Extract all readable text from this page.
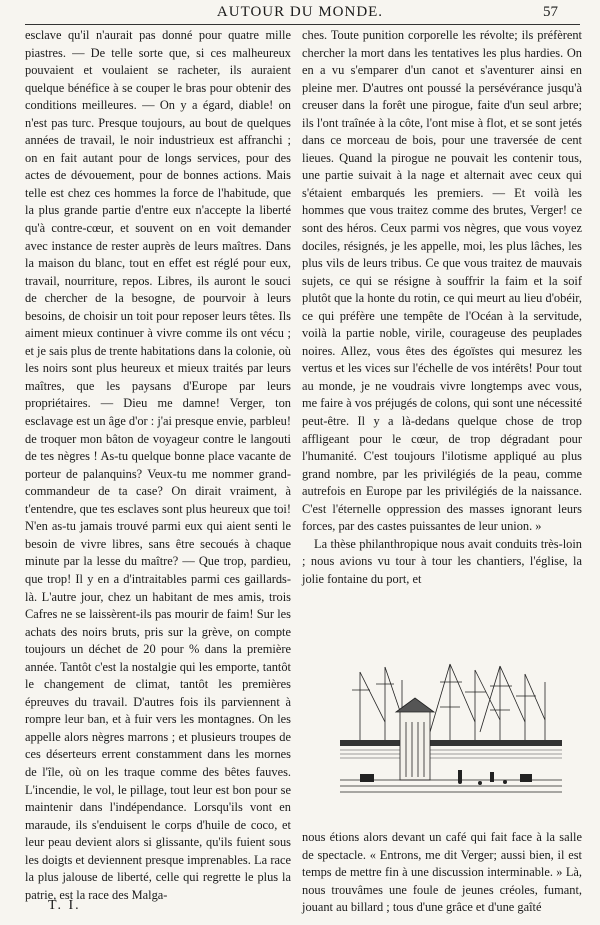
AUTOUR DU MONDE.	57

esclave qu'il n'aurait pas donné pour quatre mille piastres. — De telle sorte que, si ces malheureux pouvaient et voulaient se racheter, ils auraient quelque bénéfice à se couper le bras pour obtenir des conditions meilleures. — On y a égard, diable! on n'est pas turc. Presque toujours, au bout de quelques années de travail, le noir industrieux est affranchi ; on en fait autant pour de longs services, pour des actes de dévouement, pour de bonnes actions. Mais telle est chez ces hommes la force de l'habitude, que la plus grande partie d'entre eux n'accepte la liberté qu'à contre-cœur, et souvent on en voit demander avec instance de rester auprès de leurs maîtres. Dans la maison du blanc, tout en effet est réglé pour eux, travail, nourriture, repos. Libres, ils auront le souci de chercher de la besogne, de pourvoir à leurs besoins, de choisir un toit pour reposer leurs têtes. Ils aiment mieux continuer à vivre comme ils ont vécu ; et je sais plus de trente habitations dans la colonie, où les noirs sont plus heureux et mieux traités par leurs maîtres, que les paysans d'Europe par leurs propriétaires. — Dieu me damne! Verger, ton esclavage est un âge d'or : j'ai presque envie, parbleu! de troquer mon bâton de voyageur contre le langouti de tes nègres ! As-tu quelque bonne place vacante de porteur de palanquins? Veux-tu me nommer grand-commandeur de ta case? On dirait vraiment, à t'entendre, que tes esclaves sont plus heureux que toi! N'en as-tu jamais trouvé parmi eux qui aient senti le besoin de vivre libres, sans être secoués à chaque minute par la lesse du maître? — Que trop, pardieu, que trop! Il y en a d'intraitables parmi ces gaillards-là. L'autre jour, chez un habitant de mes amis, trois Cafres ne se laissèrent-ils pas mourir de faim! Sur les achats des noirs bruts, pris sur la grève, on compte toujours un déchet de 20 pour % dans la première année. Tantôt c'est la nostalgie qui les emporte, tantôt le changement de climat, tantôt les premières épreuves du travail. D'autres fois ils parviennent à rompre leur ban, et à fuir vers les montagnes. On les appelle alors nègres marrons ; et plusieurs troupes de ces déserteurs errent constamment dans les mornes de l'île, où on les traque comme des bêtes fauves. L'incendie, le vol, le pillage, tout leur est bon pour se maintenir dans l'indépendance. Lorsqu'ils vont en maraude, ils s'enduisent le corps d'huile de coco, et leur peau devient alors si glissante, qu'ils fuient sous les doigts et deviennent presque imprenables. La race la plus jalouse de liberté, celle qui regrette le plus la patrie, est la race des Malga-

ches. Toute punition corporelle les révolte; ils préfèrent chercher la mort dans les tentatives les plus hardies. On en a vu s'emparer d'un canot et s'aventurer ainsi en pleine mer. D'autres ont poussé la persévérance jusqu'à creuser dans la forêt une pirogue, faite d'un seul arbre; ils l'ont traînée à la côte, l'ont mise à flot, et se sont jetés dans ce morceau de bois, pour une traversée de cent lieues. Quand la pirogue ne pouvait les contenir tous, une partie suivait à la nage et alternait avec ceux qui s'étaient embarqués les premiers. — Et voilà les hommes que vous traitez comme des brutes, Verger! ce sont des héros. Ceux parmi vos nègres, que vous voyez dociles, résignés, je les appelle, moi, les plus lâches, les plus vils de leurs tribus. Ce que vous traitez de mauvais sujets, ce qui se résigne à souffrir la faim et la soif plutôt que la honte du rotin, ce qui meurt au lieu d'obéir, ce qui préfère une tempête de l'Océan à la servitude, voilà la partie noble, virile, courageuse des peuplades noires. Allez, vous êtes des égoïstes qui mesurez les vertus et les vices sur l'échelle de vos intérêts! Pour tout au monde, je ne voudrais vivre longtemps avec vous, me faire à vos préjugés de colons, qui sont une nécessité peut-être. Il y a là-dedans quelque chose de trop affligeant pour le cœur, de trop dégradant pour l'humanité. C'est toujours l'ilotisme appliqué au plus grand nombre, par les privilégiés de la peau, comme autrefois en Europe par les privilégiés de la naissance. C'est l'éternelle oppression des masses ignorant leurs forces, par des castes puissantes de leur union. »

La thèse philanthropique nous avait conduits très-loin ; nous avions vu tour à tour les chantiers, l'église, la jolie fontaine du port, et

nous étions alors devant un café qui fait face à la salle de spectacle. « Entrons, me dit Verger; aussi bien, il est temps de mettre fin à une discussion interminable. » Là, nous trouvâmes une foule de jeunes créoles, fumant, jouant au billard ; tous d'une grâce et d'une gaîté

T. I.
